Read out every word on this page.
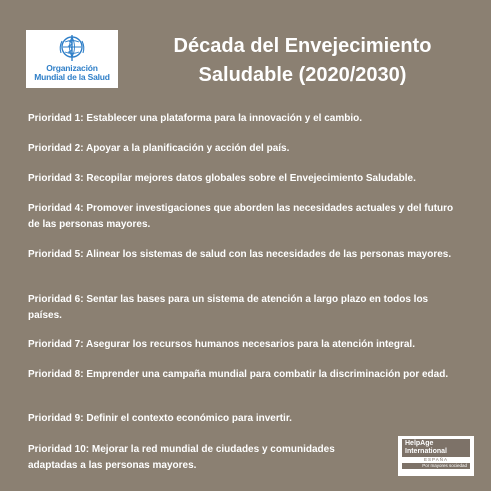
Organización
Mundial de la Salud
Década del Envejecimiento
Saludable (2020/2030)
Prioridad 1: Establecer una plataforma para la innovación y el cambio.
Prioridad 2: Apoyar a la planificación y acción del país.
Prioridad 3: Recopilar mejores datos globales sobre el Envejecimiento Saludable.
Prioridad 4: Promover investigaciones que aborden las necesidades actuales y del futuro de las personas mayores.
Prioridad 5: Alinear los sistemas de salud con las necesidades de las personas mayores.
Prioridad 6: Sentar las bases para un sistema de atención a largo plazo en todos los países.
Prioridad 7: Asegurar los recursos humanos necesarios para la atención integral.
Prioridad 8: Emprender una campaña mundial para combatir la discriminación por edad.
Prioridad 9: Definir el contexto económico para invertir.
Prioridad 10: Mejorar la red mundial de ciudades y comunidades adaptadas a las personas mayores.
HelpAge
International
ESPAÑA
Por mayores sociedad
